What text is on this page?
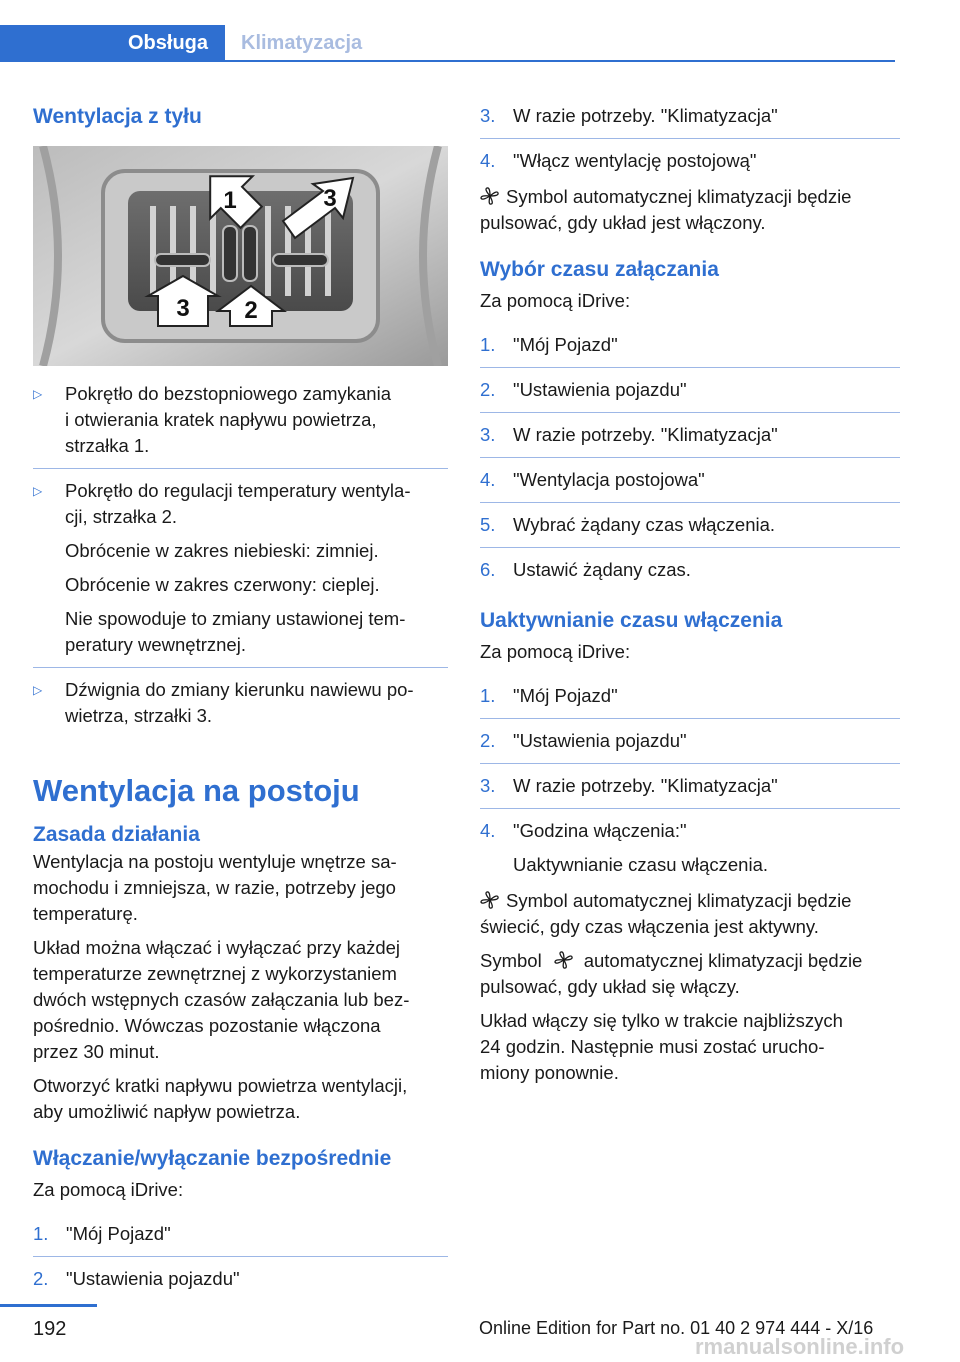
Obsługa	Klimatyzacja
Wentylacja z tyłu
1
2
3
3
▷ Pokrętło do bezstopniowego zamykania
i otwierania kratek napływu powietrza,
strzałka 1.
▷ Pokrętło do regulacji temperatury wentyla-
cji, strzałka 2.
Obrócenie w zakres niebieski: zimniej.
Obrócenie w zakres czerwony: cieplej.
Nie spowoduje to zmiany ustawionej tem-
peratury wewnętrznej.
▷ Dźwignia do zmiany kierunku nawiewu po-
wietrza, strzałki 3.
Wentylacja na postoju
Zasada działania
Wentylacja na postoju wentyluje wnętrze sa-
mochodu i zmniejsza, w razie, potrzeby jego
temperaturę.
Układ można włączać i wyłączać przy każdej
temperaturze zewnętrznej z wykorzystaniem
dwóch wstępnych czasów załączania lub bez-
pośrednio. Wówczas pozostanie włączona
przez 30 minut.
Otworzyć kratki napływu powietrza wentylacji,
aby umożliwić napływ powietrza.
Włączanie/wyłączanie bezpośrednie
Za pomocą iDrive:
1. "Mój Pojazd"
2. "Ustawienia pojazdu"
3. W razie potrzeby. "Klimatyzacja"
4. "Włącz wentylację postojową"
Symbol automatycznej klimatyzacji będzie
pulsować, gdy układ jest włączony.
Wybór czasu załączania
Za pomocą iDrive:
1. "Mój Pojazd"
2. "Ustawienia pojazdu"
3. W razie potrzeby. "Klimatyzacja"
4. "Wentylacja postojowa"
5. Wybrać żądany czas włączenia.
6. Ustawić żądany czas.
Uaktywnianie czasu włączenia
Za pomocą iDrive:
1. "Mój Pojazd"
2. "Ustawienia pojazdu"
3. W razie potrzeby. "Klimatyzacja"
4. "Godzina włączenia:"
Uaktywnianie czasu włączenia.
Symbol automatycznej klimatyzacji będzie
świecić, gdy czas włączenia jest aktywny.
Symbol automatycznej klimatyzacji będzie
pulsować, gdy układ się włączy.
Układ włączy się tylko w trakcie najbliższych
24 godzin. Następnie musi zostać urucho-
miony ponownie.
192	Online Edition for Part no. 01 40 2 974 444 - X/16
rmanualsonline.info
